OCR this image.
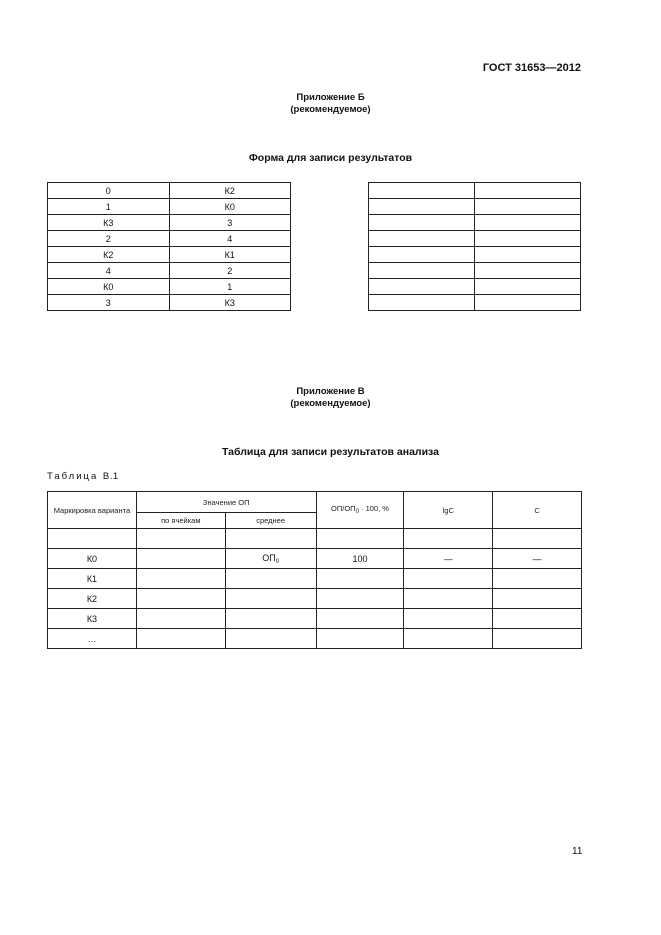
ГОСТ 31653—2012
Приложение Б
(рекомендуемое)
Форма для записи результатов
0	К2
1	К0
К3	3
2	4
К2	К1
4	2
К0	1
3	К3

Приложение В
(рекомендуемое)
Таблица для записи результатов анализа
Таблица В.1
Маркировка варианта	Значение ОП		$ОП/ОП_0 \cdot 100$, %	lgC	С
	по ячейкам	среднее			

К0		$ОП_0$	100	—	—
К1					
К2					
К3					
…					
11
